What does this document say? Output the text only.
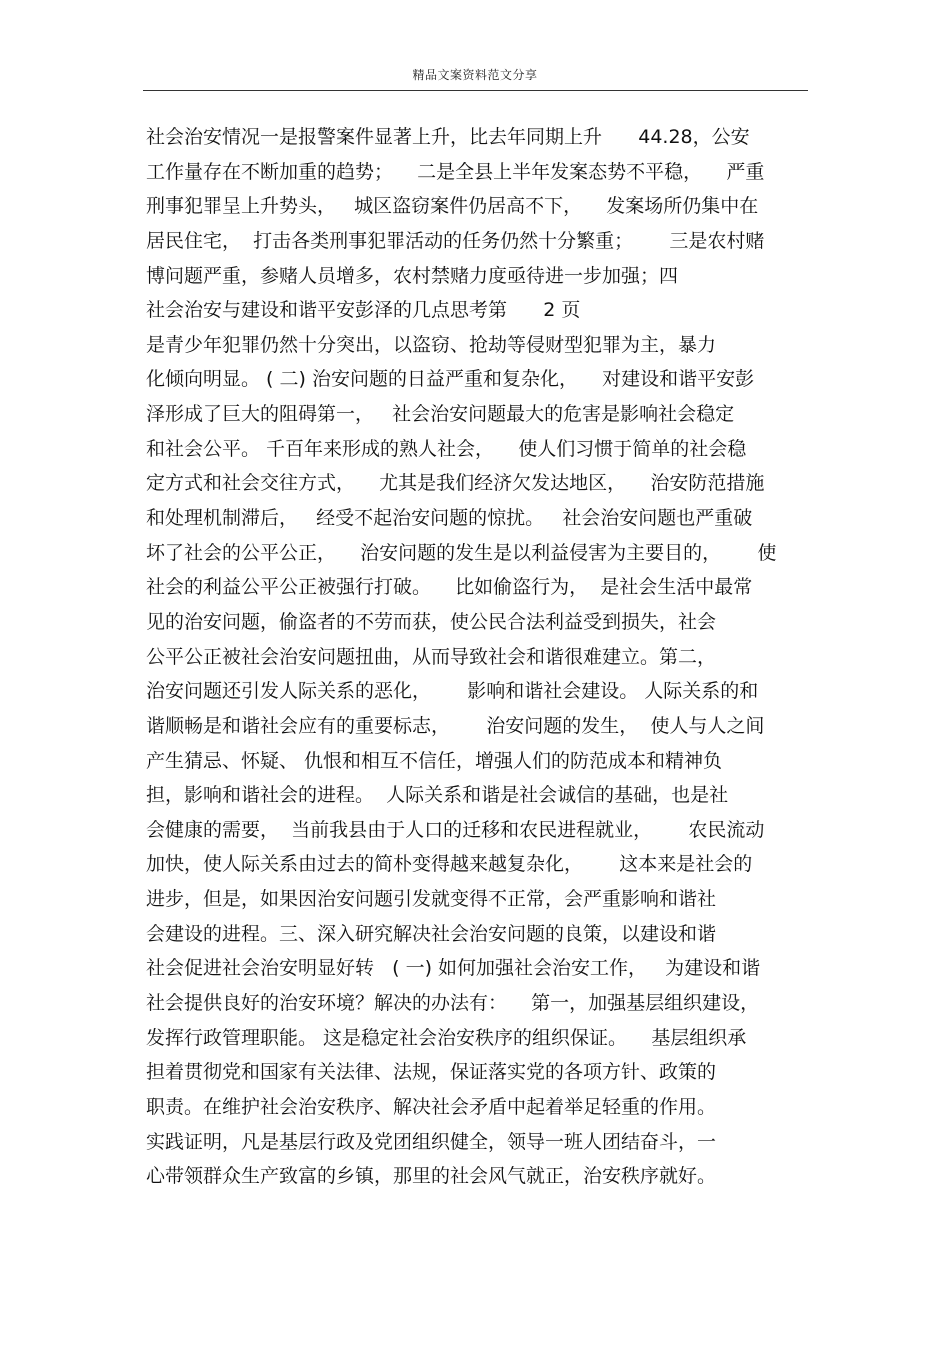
精品文案资料范文分享
社会治安情况一是报警案件显著上升，比去年同期上升      44.28，公安
工作量存在不断加重的趋势；    二是全县上半年发案态势不平稳，    严重
刑事犯罪呈上升势头，   城区盗窃案件仍居高不下，    发案场所仍集中在
居民住宅，  打击各类刑事犯罪活动的任务仍然十分繁重；      三是农村赌
博问题严重，参赌人员增多，农村禁赌力度亟待进一步加强；四
社会治安与建设和谐平安彭泽的几点思考第      2 页
是青少年犯罪仍然十分突出，以盗窃、抢劫等侵财型犯罪为主，暴力
化倾向明显。 ( 二) 治安问题的日益严重和复杂化，    对建设和谐平安彭
泽形成了巨大的阻碍第一，   社会治安问题最大的危害是影响社会稳定
和社会公平。 千百年来形成的熟人社会，    使人们习惯于简单的社会稳
定方式和社会交往方式，    尤其是我们经济欠发达地区，    治安防范措施
和处理机制滞后，   经受不起治安问题的惊扰。   社会治安问题也严重破
坏了社会的公平公正，    治安问题的发生是以利益侵害为主要目的，      使
社会的利益公平公正被强行打破。    比如偷盗行为，  是社会生活中最常
见的治安问题，偷盗者的不劳而获，使公民合法利益受到损失，社会
公平公正被社会治安问题扭曲，从而导致社会和谐很难建立。第二，
治安问题还引发人际关系的恶化，      影响和谐社会建设。 人际关系的和
谐顺畅是和谐社会应有的重要标志，      治安问题的发生，  使人与人之间
产生猜忌、怀疑、 仇恨和相互不信任，增强人们的防范成本和精神负
担，影响和谐社会的进程。  人际关系和谐是社会诚信的基础，也是社
会健康的需要，  当前我县由于人口的迁移和农民进程就业，      农民流动
加快，使人际关系由过去的简朴变得越来越复杂化，      这本来是社会的
进步，但是，如果因治安问题引发就变得不正常，会严重影响和谐社
会建设的进程。三、深入研究解决社会治安问题的良策，以建设和谐
社会促进社会治安明显好转   ( 一) 如何加强社会治安工作，   为建设和谐
社会提供良好的治安环境？解决的办法有：    第一，加强基层组织建设，
发挥行政管理职能。 这是稳定社会治安秩序的组织保证。    基层组织承
担着贯彻党和国家有关法律、法规，保证落实党的各项方针、政策的
职责。在维护社会治安秩序、解决社会矛盾中起着举足轻重的作用。
实践证明，凡是基层行政及党团组织健全，领导一班人团结奋斗，一
心带领群众生产致富的乡镇，那里的社会风气就正，治安秩序就好。
